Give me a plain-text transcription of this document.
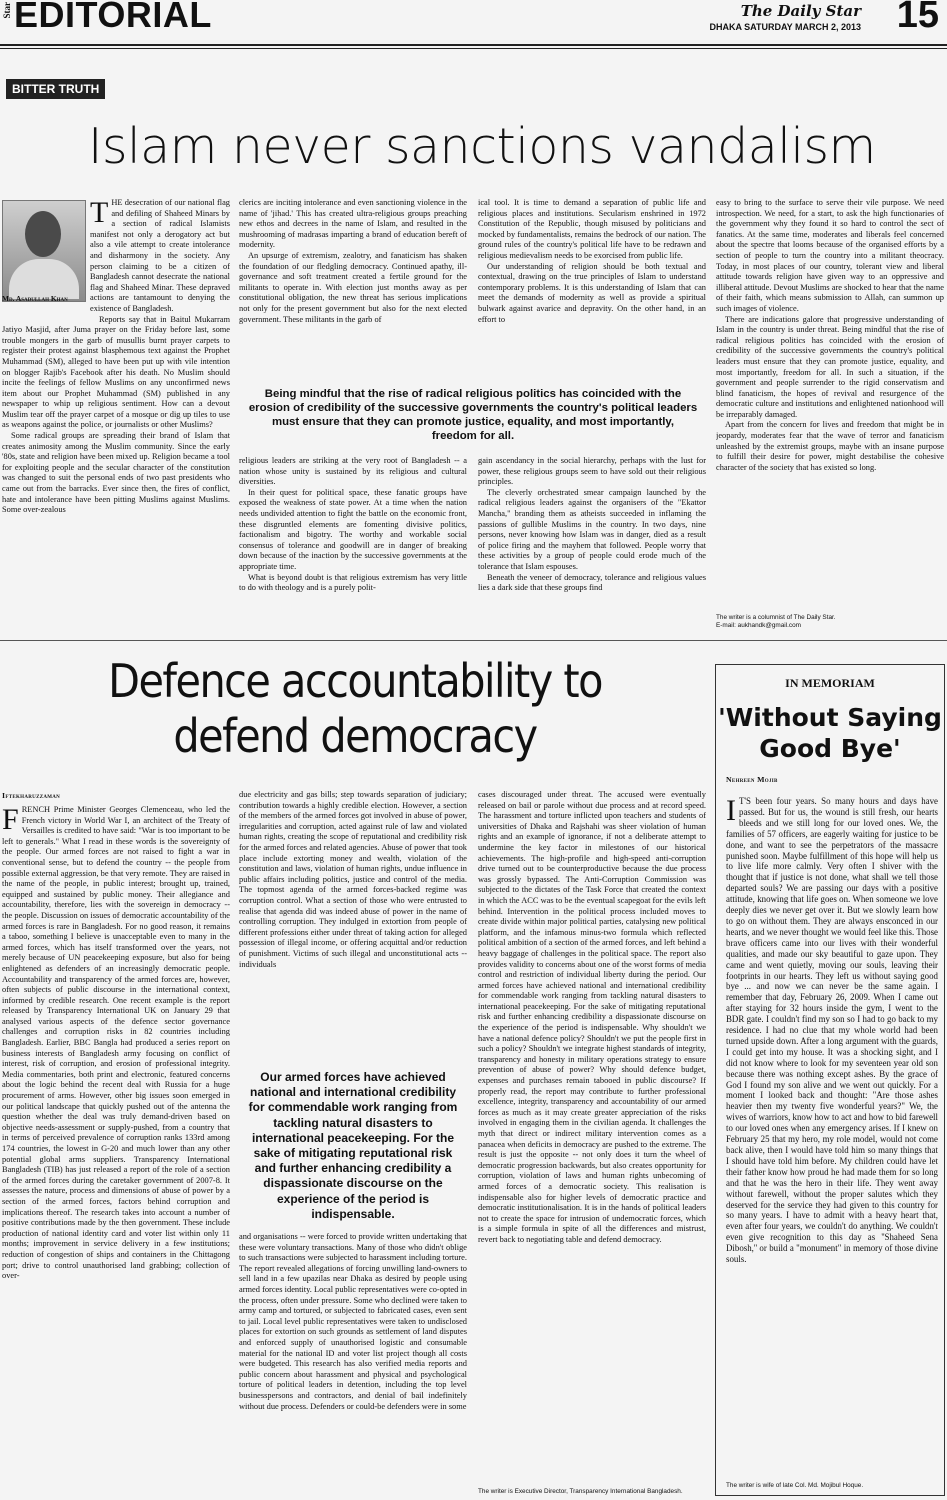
Star EDITORIAL	The Daily Star
DHAKA SATURDAY MARCH 2, 2013 15
BITTER TRUTH
Islam never sanctions vandalism
Md. Asadullah Khan

THE desecration of our national flag and defiling of Shaheed Minars by a section of radical Islamists manifest not only a derogatory act but also a vile attempt to create intolerance and disharmony in the society. Any person claiming to be a citizen of Bangladesh cannot desecrate the national flag and Shaheed Minar. These depraved actions are tantamount to denying the existence of Bangladesh.

Reports say that in Baitul Mukarram Jatiyo Masjid, after Juma prayer on the Friday before last, some trouble mongers in the garb of musullis burnt prayer carpets to register their protest against blasphemous text against the Prophet Muhammad (SM), alleged to have been put up with vile intention on blogger Rajib's Facebook after his death. No Muslim should incite the feelings of fellow Muslims on any unconfirmed news item about our Prophet Muhammad (SM) published in any newspaper to whip up religious sentiment. How can a devout Muslim tear off the prayer carpet of a mosque or dig up tiles to use as weapons against the police, or journalists or other Muslims?

Some radical groups are spreading their brand of Islam that creates animosity among the Muslim community. Since the early '80s, state and religion have been mixed up. Religion became a tool for exploiting people and the secular character of the constitution was changed to suit the personal ends of two past presidents who came out from the barracks. Ever since then, the fires of conflict, hate and intolerance have been pitting Muslims against Muslims. Some over-zealous

clerics are inciting intolerance and even sanctioning violence in the name of 'jihad.' This has created ultra-religious groups preaching new ethos and decrees in the name of Islam, and resulted in the mushrooming of madrasas imparting a brand of education bereft of modernity.

An upsurge of extremism, zealotry, and fanaticism has shaken the foundation of our fledgling democracy. Continued apathy, ill-governance and soft treatment created a fertile ground for the militants to operate in. With election just months away as per constitutional obligation, the new threat has serious implications not only for the present government but also for the next elected government. These militants in the garb of

ical tool. It is time to demand a separation of public life and religious places and institutions. Secularism enshrined in 1972 Constitution of the Republic, though misused by politicians and mocked by fundamentalists, remains the bedrock of our nation. The ground rules of the country's political life have to be redrawn and religious medievalism needs to be exorcised from public life.

Our understanding of religion should be both textual and contextual, drawing on the true principles of Islam to understand contemporary problems. It is this understanding of Islam that can meet the demands of modernity as well as provide a spiritual bulwark against avarice and depravity. On the other hand, in an effort to

Being mindful that the rise of radical religious politics has coincided with the erosion of credibility of the successive governments the country's political leaders must ensure that they can promote justice, equality, and most importantly, freedom for all.

religious leaders are striking at the very root of Bangladesh -- a nation whose unity is sustained by its religious and cultural diversities.

In their quest for political space, these fanatic groups have exposed the weakness of state power. At a time when the nation needs undivided attention to fight the battle on the economic front, these disgruntled elements are fomenting divisive politics, factionalism and bigotry. The worthy and workable social consensus of tolerance and goodwill are in danger of breaking down because of the inaction by the successive governments at the appropriate time.

What is beyond doubt is that religious extremism has very little to do with theology and is a purely polit-

gain ascendancy in the social hierarchy, perhaps with the lust for power, these religious groups seem to have sold out their religious principles.

The cleverly orchestrated smear campaign launched by the radical religious leaders against the organisers of the "Ekattor Mancha," branding them as atheists succeeded in inflaming the passions of gullible Muslims in the country. In two days, nine persons, never knowing how Islam was in danger, died as a result of police firing and the mayhem that followed. People worry that these activities by a group of people could erode much of the tolerance that Islam espouses.

Beneath the veneer of democracy, tolerance and religious values lies a dark side that these groups find

easy to bring to the surface to serve their vile purpose. We need introspection. We need, for a start, to ask the high functionaries of the government why they found it so hard to control the sect of fanatics. At the same time, moderates and liberals feel concerned about the spectre that looms because of the organised efforts by a section of people to turn the country into a militant theocracy. Today, in most places of our country, tolerant view and liberal attitude towards religion have given way to an oppressive and illiberal attitude. Devout Muslims are shocked to hear that the name of their faith, which means submission to Allah, can summon up such images of violence.

There are indications galore that progressive understanding of Islam in the country is under threat. Being mindful that the rise of radical religious politics has coincided with the erosion of credibility of the successive governments the country's political leaders must ensure that they can promote justice, equality, and most importantly, freedom for all. In such a situation, if the government and people surrender to the rigid conservatism and blind fanaticism, the hopes of revival and resurgence of the democratic culture and institutions and enlightened nationhood will be irreparably damaged.

Apart from the concern for lives and freedom that might be in jeopardy, moderates fear that the wave of terror and fanaticism unleashed by the extremist groups, maybe with an insane purpose to fulfill their desire for power, might destabilise the cohesive character of the society that has existed so long.

The writer is a columnist of The Daily Star.
E-mail: aukhandk@gmail.com
Defence accountability to
defend democracy
Iftekharuzzaman

FRENCH Prime Minister Georges Clemenceau, who led the French victory in World War I, an architect of the Treaty of Versailles is credited to have said: "War is too important to be left to generals." What I read in these words is the sovereignty of the people. Our armed forces are not raised to fight a war in conventional sense, but to defend the country -- the people from possible external aggression, be that very remote. They are raised in the name of the people, in public interest; brought up, trained, equipped and sustained by public money. Their allegiance and accountability, therefore, lies with the sovereign in democracy -- the people. Discussion on issues of democratic accountability of the armed forces is rare in Bangladesh. For no good reason, it remains a taboo, something I believe is unacceptable even to many in the armed forces, which has itself transformed over the years, not merely because of UN peacekeeping exposure, but also for being enlightened as defenders of an increasingly democratic people. Accountability and transparency of the armed forces are, however, often subjects of public discourse in the international context, informed by credible research. One recent example is the report released by Transparency International UK on January 29 that analysed various aspects of the defence sector governance challenges and corruption risks in 82 countries including Bangladesh. Earlier, BBC Bangla had produced a series report on business interests of Bangladesh army focusing on conflict of interest, risk of corruption, and erosion of professional integrity. Media commentaries, both print and electronic, featured concerns about the logic behind the recent deal with Russia for a huge procurement of arms. However, other big issues soon emerged in our political landscape that quickly pushed out of the antenna the question whether the deal was truly demand-driven based on objective needs-assessment or supply-pushed, from a country that in terms of perceived prevalence of corruption ranks 133rd among 174 countries, the lowest in G-20 and much lower than any other potential global arms suppliers. Transparency International Bangladesh (TIB) has just released a report of the role of a section of the armed forces during the caretaker government of 2007-8. It assesses the nature, process and dimensions of abuse of power by a section of the armed forces, factors behind corruption and implications thereof. The research takes into account a number of positive contributions made by the then government. These include production of national identity card and voter list within only 11 months; improvement in service delivery in a few institutions; reduction of congestion of ships and containers in the Chittagong port; drive to control unauthorised land grabbing; collection of over-

due electricity and gas bills; step towards separation of judiciary; contribution towards a highly credible election. However, a section of the members of the armed forces got involved in abuse of power, irregularities and corruption, acted against rule of law and violated human rights, creating the scope of reputational and credibility risk for the armed forces and related agencies. Abuse of power that took place include extorting money and wealth, violation of the constitution and laws, violation of human rights, undue influence in public affairs including politics, justice and control of the media. The topmost agenda of the armed forces-backed regime was corruption control. What a section of those who were entrusted to realise that agenda did was indeed abuse of power in the name of controlling corruption. They indulged in extortion from people of different professions either under threat of taking action for alleged possession of illegal income, or offering acquittal and/or reduction of punishment. Victims of such illegal and unconstitutional acts -- individuals

Our armed forces have achieved national and international credibility for commendable work ranging from tackling natural disasters to international peacekeeping. For the sake of mitigating reputational risk and further enhancing credibility a dispassionate discourse on the experience of the period is indispensable.

and organisations -- were forced to provide written undertaking that these were voluntary transactions. Many of those who didn't oblige to such transactions were subjected to harassment including torture. The report revealed allegations of forcing unwilling land-owners to sell land in a few upazilas near Dhaka as desired by people using armed forces identity. Local public representatives were co-opted in the process, often under pressure. Some who declined were taken to army camp and tortured, or subjected to fabricated cases, even sent to jail. Local level public representatives were taken to undisclosed places for extortion on such grounds as settlement of land disputes and enforced supply of unauthorised logistic and consumable material for the national ID and voter list project though all costs were budgeted. This research has also verified media reports and public concern about harassment and physical and psychological torture of political leaders in detention, including the top level businesspersons and contractors, and denial of bail indefinitely without due process. Defenders or could-be defenders were in some

cases discouraged under threat. The accused were eventually released on bail or parole without due process and at record speed. The harassment and torture inflicted upon teachers and students of universities of Dhaka and Rajshahi was sheer violation of human rights and an example of ignorance, if not a deliberate attempt to undermine the key factor in milestones of our historical achievements. The high-profile and high-speed anti-corruption drive turned out to be counterproductive because the due process was grossly bypassed. The Anti-Corruption Commission was subjected to the dictates of the Task Force that created the context in which the ACC was to be the eventual scapegoat for the evils left behind. Intervention in the political process included moves to create divide within major political parties, catalysing new political platform, and the infamous minus-two formula which reflected political ambition of a section of the armed forces, and left behind a heavy baggage of challenges in the political space. The report also provides validity to concerns about one of the worst forms of media control and restriction of individual liberty during the period. Our armed forces have achieved national and international credibility for commendable work ranging from tackling natural disasters to international peacekeeping. For the sake of mitigating reputational risk and further enhancing credibility a dispassionate discourse on the experience of the period is indispensable. Why shouldn't we have a national defence policy? Shouldn't we put the people first in such a policy? Shouldn't we integrate highest standards of integrity, transparency and honesty in military operations strategy to ensure prevention of abuse of power? Why should defence budget, expenses and purchases remain tabooed in public discourse? If properly read, the report may contribute to further professional excellence, integrity, transparency and accountability of our armed forces as much as it may create greater appreciation of the risks involved in engaging them in the civilian agenda. It challenges the myth that direct or indirect military intervention comes as a panacea when deficits in democracy are pushed to the extreme. The result is just the opposite -- not only does it turn the wheel of democratic progression backwards, but also creates opportunity for corruption, violation of laws and human rights unbecoming of armed forces of a democratic society. This realisation is indispensable also for higher levels of democratic practice and democratic institutionalisation. It is in the hands of political leaders not to create the space for intrusion of undemocratic forces, which is a simple formula in spite of all the differences and mistrust, revert back to negotiating table and defend democracy.

The writer is Executive Director, Transparency International Bangladesh.
IN MEMORIAM
'Without Saying Good Bye'
Nehreen Mojib

I T'S been four years. So many hours and days have passed. But for us, the wound is still fresh, our hearts bleeds and we still long for our loved ones. We, the families of 57 officers, are eagerly waiting for justice to be done, and want to see the perpetrators of the massacre punished soon. Maybe fulfillment of this hope will help us to live life more calmly. Very often I shiver with the thought that if justice is not done, what shall we tell those departed souls? We are passing our days with a positive attitude, knowing that life goes on. When someone we love deeply dies we never get over it. But we slowly learn how to go on without them. They are always ensconced in our hearts, and we never thought we would feel like this. Those brave officers came into our lives with their wonderful qualities, and made our sky beautiful to gaze upon. They came and went quietly, moving our souls, leaving their footprints in our hearts. They left us without saying good bye ... and now we can never be the same again. I remember that day, February 26, 2009. When I came out after staying for 32 hours inside the gym, I went to the BDR gate. I couldn't find my son so I had to go back to my residence. I had no clue that my whole world had been turned upside down. After a long argument with the guards, I could get into my house. It was a shocking sight, and I did not know where to look for my seventeen year old son because there was nothing except ashes. By the grace of God I found my son alive and we went out quickly. For a moment I looked back and thought: "Are those ashes heavier then my twenty five wonderful years?" We, the wives of warriors, know how to act and how to bid farewell to our loved ones when any emergency arises. If I knew on February 25 that my hero, my role model, would not come back alive, then I would have told him so many things that I should have told him before. My children could have let their father know how proud he had made them for so long and that he was the hero in their life. They went away without farewell, without the proper salutes which they deserved for the service they had given to this country for so many years. I have to admit with a heavy heart that, even after four years, we couldn't do anything. We couldn't even give recognition to this day as ''Shaheed Sena Dibosh,'' or build a "monument" in memory of those divine souls.

The writer is wife of late Col. Md. Mojibul Hoque.
